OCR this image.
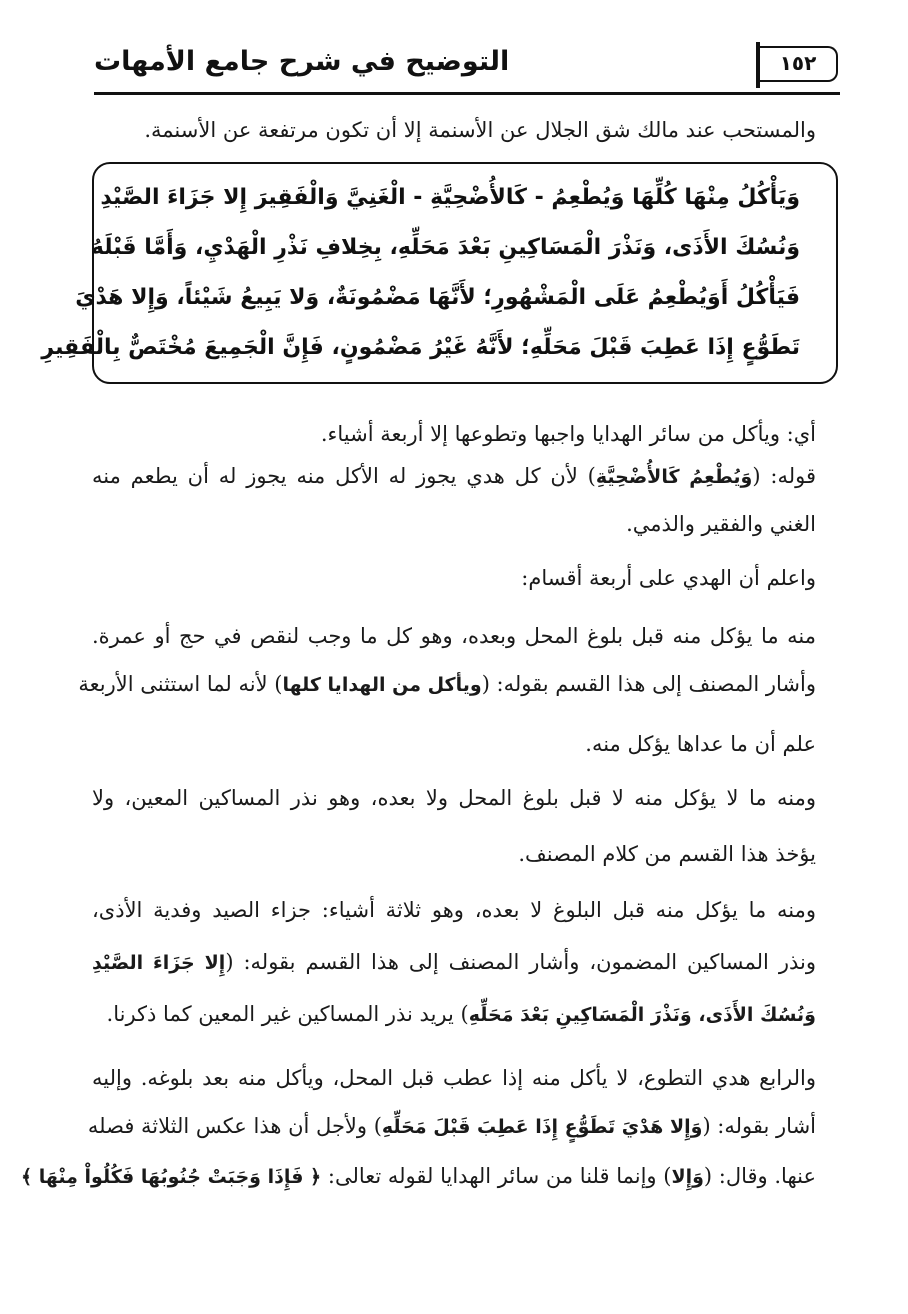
التوضيح في شرح جامع الأمهات	١٥٢
والمستحب عند مالك شق الجلال عن الأسنمة إلا أن تكون مرتفعة عن الأسنمة.
وَيَأْكُلُ مِنْهَا كُلِّهَا وَيُطْعِمُ - كَالأُضْحِيَّةِ - الْغَنِيَّ وَالْفَقِيرَ إِلا جَزَاءَ الصَّيْدِ
وَنُسُكَ الأَذَى، وَنَذْرَ الْمَسَاكِينِ بَعْدَ مَحَلِّهِ، بِخِلافِ نَذْرِ الْهَدْيِ، وَأَمَّا قَبْلَهُ
فَيَأْكُلُ أَوَيُطْعِمُ عَلَى الْمَشْهُورِ؛ لأَنَّهَا مَضْمُونَةٌ، وَلا يَبِيعُ شَيْئاً، وَإِلا هَدْيَ
تَطَوُّعٍ إِذَا عَطِبَ قَبْلَ مَحَلِّهِ؛ لأَنَّهُ غَيْرُ مَضْمُونٍ، فَإِنَّ الْجَمِيعَ مُخْتَصٌّ بِالْفَقِيرِ
أي: ويأكل من سائر الهدايا واجبها وتطوعها إلا أربعة أشياء.
قوله: (وَيُطْعِمُ كَالأُضْحِيَّةِ) لأن كل هدي يجوز له الأكل منه يجوز له أن يطعم منه
الغني والفقير والذمي.
واعلم أن الهدي على أربعة أقسام:
منه ما يؤكل منه قبل بلوغ المحل وبعده، وهو كل ما وجب لنقص في حج أو عمرة.
وأشار المصنف إلى هذا القسم بقوله: (ويأكل من الهدايا كلها) لأنه لما استثنى الأربعة
علم أن ما عداها يؤكل منه.
ومنه ما لا يؤكل منه لا قبل بلوغ المحل ولا بعده، وهو نذر المساكين المعين، ولا
يؤخذ هذا القسم من كلام المصنف.
ومنه ما يؤكل منه قبل البلوغ لا بعده، وهو ثلاثة أشياء: جزاء الصيد وفدية الأذى،
ونذر المساكين المضمون، وأشار المصنف إلى هذا القسم بقوله: (إِلا جَزَاءَ الصَّيْدِ
وَنُسُكَ الأَذَى، وَنَذْرَ الْمَسَاكِينِ بَعْدَ مَحَلِّهِ) يريد نذر المساكين غير المعين كما ذكرنا.
والرابع هدي التطوع، لا يأكل منه إذا عطب قبل المحل، ويأكل منه بعد بلوغه. وإليه
أشار بقوله: (وَإِلا هَدْيَ تَطَوُّعٍ إِذَا عَطِبَ قَبْلَ مَحَلِّهِ) ولأجل أن هذا عكس الثلاثة فصله
عنها. وقال: (وَإِلا) وإنما قلنا من سائر الهدايا لقوله تعالى: ﴿ فَإِذَا وَجَبَتْ جُنُوبُهَا فَكُلُواْ مِنْهَا ﴾
